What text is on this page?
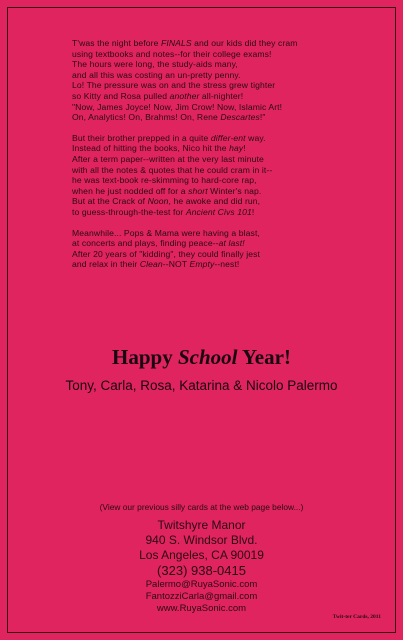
T'was the night before FINALS and our kids did they cram
using textbooks and notes--for their college exams!
The hours were long, the study-aids many,
and all this was costing an un-pretty penny.
Lo! The pressure was on and the stress grew tighter
so Kitty and Rosa pulled another all-nighter!
"Now, James Joyce! Now, Jim Crow! Now, Islamic Art!
On, Analytics! On, Brahms! On, Rene Descartes!"
But their brother prepped in a quite differ-ent way.
Instead of hitting the books, Nico hit the hay!
After a term paper--written at the very last minute
with all the notes & quotes that he could cram in it--
he was text-book re-skimming to hard-core rap,
when he just nodded off for a short Winter's nap.
But at the Crack of Noon, he awoke and did run,
to guess-through-the-test for Ancient Civs 101!
Meanwhile... Pops & Mama were having a blast,
at concerts and plays, finding peace--at last!
After 20 years of "kidding", they could finally jest
and relax in their Clean--NOT Empty--nest!
Happy School Year!
Tony, Carla, Rosa, Katarina & Nicolo Palermo
(View our previous silly cards at the web page below...)
Twitshyre Manor
940 S. Windsor Blvd.
Los Angeles, CA 90019
(323) 938-0415
Palermo@RuyaSonic.com
FantozziCarla@gmail.com
www.RuyaSonic.com
Twit-ter Cards, 2011
